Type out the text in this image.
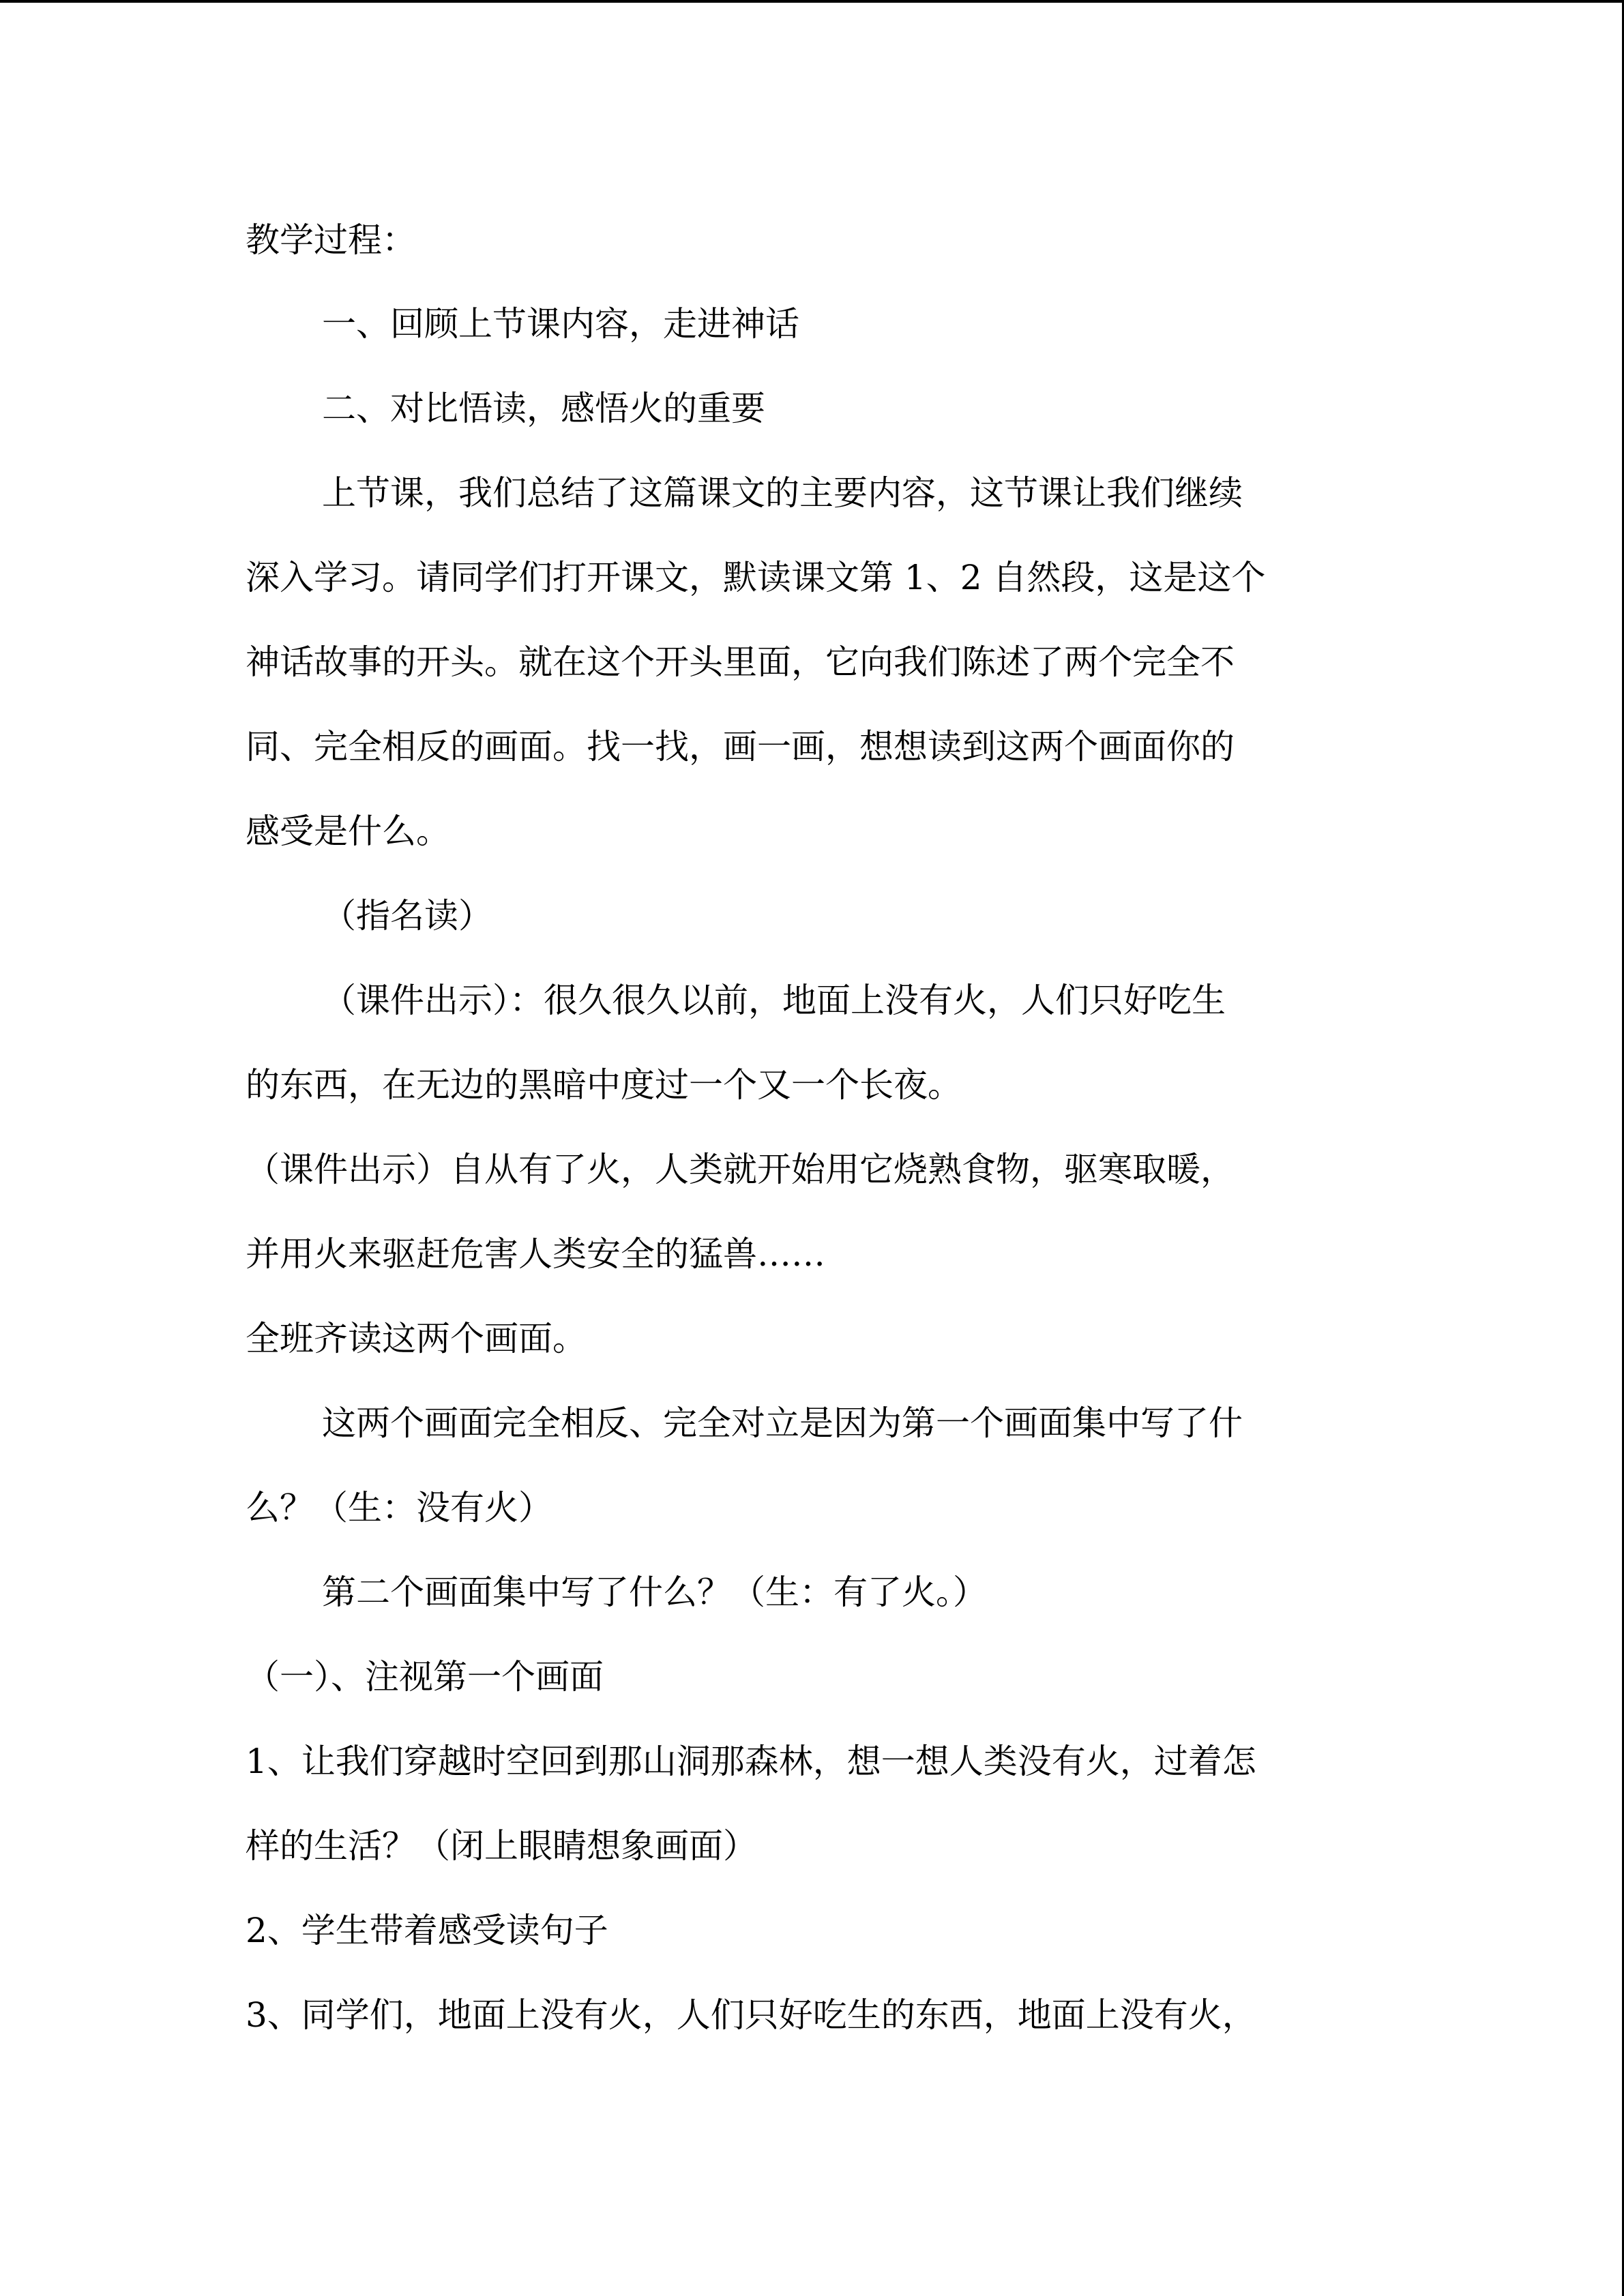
教学过程：
一、回顾上节课内容，走进神话
二、对比悟读，感悟火的重要
上节课，我们总结了这篇课文的主要内容，这节课让我们继续
深入学习。请同学们打开课文，默读课文第 1、2 自然段，这是这个
神话故事的开头。就在这个开头里面，它向我们陈述了两个完全不
同、完全相反的画面。找一找，画一画，想想读到这两个画面你的
感受是什么。
（指名读）
（课件出示）：很久很久以前，地面上没有火，人们只好吃生
的东西，在无边的黑暗中度过一个又一个长夜。
（课件出示）自从有了火，人类就开始用它烧熟食物，驱寒取暖，
并用火来驱赶危害人类安全的猛兽……
全班齐读这两个画面。
这两个画面完全相反、完全对立是因为第一个画面集中写了什
么？（生：没有火）
第二个画面集中写了什么？（生：有了火。）
（一）、注视第一个画面
1、让我们穿越时空回到那山洞那森林，想一想人类没有火，过着怎
样的生活？（闭上眼睛想象画面）
2、学生带着感受读句子
3、同学们，地面上没有火，人们只好吃生的东西，地面上没有火，
